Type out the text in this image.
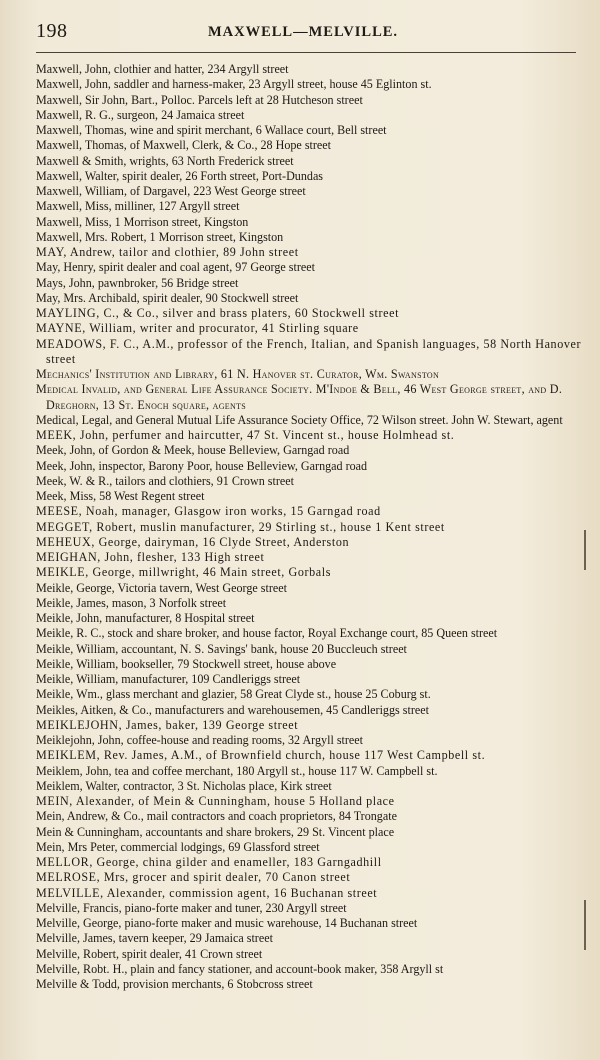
198	MAXWELL—MELVILLE.
Maxwell, John, clothier and hatter, 234 Argyll street
Maxwell, John, saddler and harness-maker, 23 Argyll street, house 45 Eglinton st.
Maxwell, Sir John, Bart., Polloc. Parcels left at 28 Hutcheson street
Maxwell, R. G., surgeon, 24 Jamaica street
Maxwell, Thomas, wine and spirit merchant, 6 Wallace court, Bell street
Maxwell, Thomas, of Maxwell, Clerk, & Co., 28 Hope street
Maxwell & Smith, wrights, 63 North Frederick street
Maxwell, Walter, spirit dealer, 26 Forth street, Port-Dundas
Maxwell, William, of Dargavel, 223 West George street
Maxwell, Miss, milliner, 127 Argyll street
Maxwell, Miss, 1 Morrison street, Kingston
Maxwell, Mrs. Robert, 1 Morrison street, Kingston
MAY, Andrew, tailor and clothier, 89 John street
May, Henry, spirit dealer and coal agent, 97 George street
Mays, John, pawnbroker, 56 Bridge street
May, Mrs. Archibald, spirit dealer, 90 Stockwell street
MAYLING, C., & Co., silver and brass platers, 60 Stockwell street
MAYNE, William, writer and procurator, 41 Stirling square
MEADOWS, F. C., A.M., professor of the French, Italian, and Spanish languages, 58 North Hanover street
Mechanics' Institution and Library, 61 N. Hanover st. Curator, Wm. Swanston
Medical Invalid, and General Life Assurance Society. M'Indoe & Bell, 46 West George street, and D. Dreghorn, 13 St. Enoch square, agents
Medical, Legal, and General Mutual Life Assurance Society Office, 72 Wilson street. John W. Stewart, agent
MEEK, John, perfumer and haircutter, 47 St. Vincent st., house Holmhead st.
Meek, John, of Gordon & Meek, house Belleview, Garngad road
Meek, John, inspector, Barony Poor, house Belleview, Garngad road
Meek, W. & R., tailors and clothiers, 91 Crown street
Meek, Miss, 58 West Regent street
MEESE, Noah, manager, Glasgow iron works, 15 Garngad road
MEGGET, Robert, muslin manufacturer, 29 Stirling st., house 1 Kent street
MEHEUX, George, dairyman, 16 Clyde Street, Anderston
MEIGHAN, John, flesher, 133 High street
MEIKLE, George, millwright, 46 Main street, Gorbals
Meikle, George, Victoria tavern, West George street
Meikle, James, mason, 3 Norfolk street
Meikle, John, manufacturer, 8 Hospital street
Meikle, R. C., stock and share broker, and house factor, Royal Exchange court, 85 Queen street
Meikle, William, accountant, N. S. Savings' bank, house 20 Buccleuch street
Meikle, William, bookseller, 79 Stockwell street, house above
Meikle, William, manufacturer, 109 Candleriggs street
Meikle, Wm., glass merchant and glazier, 58 Great Clyde st., house 25 Coburg st.
Meikles, Aitken, & Co., manufacturers and warehousemen, 45 Candleriggs street
MEIKLEJOHN, James, baker, 139 George street
Meiklejohn, John, coffee-house and reading rooms, 32 Argyll street
MEIKLEM, Rev. James, A.M., of Brownfield church, house 117 West Campbell st.
Meiklem, John, tea and coffee merchant, 180 Argyll st., house 117 W. Campbell st.
Meiklem, Walter, contractor, 3 St. Nicholas place, Kirk street
MEIN, Alexander, of Mein & Cunningham, house 5 Holland place
Mein, Andrew, & Co., mail contractors and coach proprietors, 84 Trongate
Mein & Cunningham, accountants and share brokers, 29 St. Vincent place
Mein, Mrs Peter, commercial lodgings, 69 Glassford street
MELLOR, George, china gilder and enameller, 183 Garngadhill
MELROSE, Mrs, grocer and spirit dealer, 70 Canon street
MELVILLE, Alexander, commission agent, 16 Buchanan street
Melville, Francis, piano-forte maker and tuner, 230 Argyll street
Melville, George, piano-forte maker and music warehouse, 14 Buchanan street
Melville, James, tavern keeper, 29 Jamaica street
Melville, Robert, spirit dealer, 41 Crown street
Melville, Robt. H., plain and fancy stationer, and account-book maker, 358 Argyll st
Melville & Todd, provision merchants, 6 Stobcross street
